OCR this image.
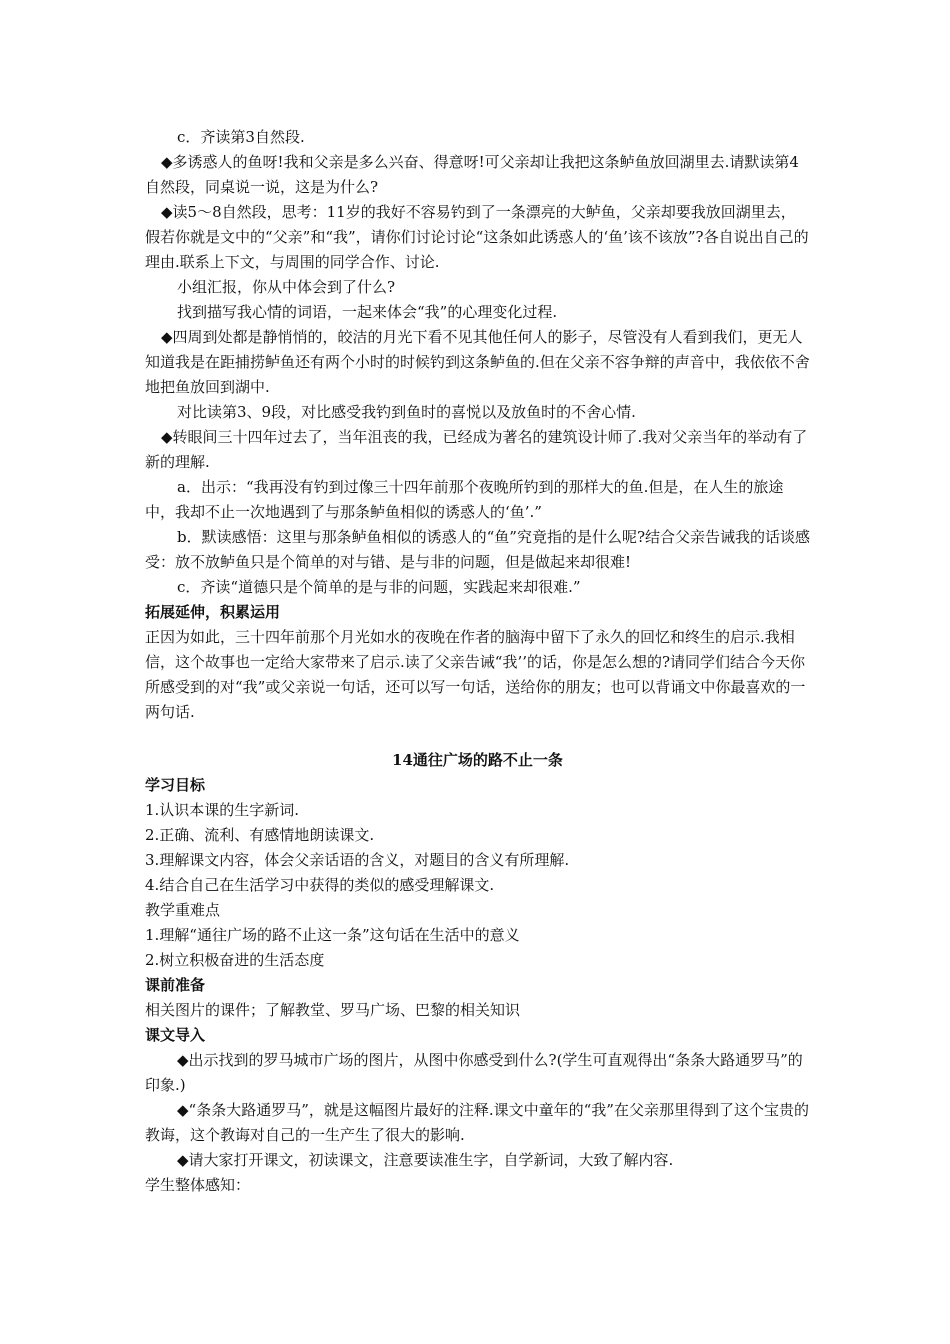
c．齐读第3自然段.

◆多诱惑人的鱼呀!我和父亲是多么兴奋、得意呀!可父亲却让我把这条鲈鱼放回湖里去.请默读第4自然段，同桌说一说，这是为什么?

◆读5～8自然段，思考：11岁的我好不容易钓到了一条漂亮的大鲈鱼，父亲却要我放回湖里去，假若你就是文中的“父亲”和“我”，请你们讨论讨论“这条如此诱惑人的‘鱼’该不该放”?各自说出自己的理由.联系上下文，与周围的同学合作、讨论.

小组汇报，你从中体会到了什么?

找到描写我心情的词语，一起来体会“我”的心理变化过程.

◆四周到处都是静悄悄的，皎洁的月光下看不见其他任何人的影子，尽管没有人看到我们，更无人知道我是在距捕捞鲈鱼还有两个小时的时候钓到这条鲈鱼的.但在父亲不容争辩的声音中，我依依不舍地把鱼放回到湖中.

对比读第3、9段，对比感受我钓到鱼时的喜悦以及放鱼时的不舍心情.

◆转眼间三十四年过去了，当年沮丧的我，已经成为著名的建筑设计师了.我对父亲当年的举动有了新的理解.

a．出示：“我再没有钓到过像三十四年前那个夜晚所钓到的那样大的鱼.但是，在人生的旅途中，我却不止一次地遇到了与那条鲈鱼相似的诱惑人的‘鱼’.”

b．默读感悟：这里与那条鲈鱼相似的诱惑人的“鱼”究竟指的是什么呢?结合父亲告诫我的话谈感受：放不放鲈鱼只是个简单的对与错、是与非的问题，但是做起来却很难!

c．齐读“道德只是个简单的是与非的问题，实践起来却很难.”

拓展延伸，积累运用

正因为如此，三十四年前那个月光如水的夜晚在作者的脑海中留下了永久的回忆和终生的启示.我相信，这个故事也一定给大家带来了启示.读了父亲告诫“我’’的话，你是怎么想的?请同学们结合今天你所感受到的对“我”或父亲说一句话，还可以写一句话，送给你的朋友；也可以背诵文中你最喜欢的一两句话.

14通往广场的路不止一条

学习目标

1.认识本课的生字新词.

2.正确、流利、有感情地朗读课文.

3.理解课文内容，体会父亲话语的含义，对题目的含义有所理解.

4.结合自己在生活学习中获得的类似的感受理解课文.

教学重难点

1.理解“通往广场的路不止这一条”这句话在生活中的意义

2.树立积极奋进的生活态度

课前准备

相关图片的课件；了解教堂、罗马广场、巴黎的相关知识

课文导入

◆出示找到的罗马城市广场的图片，从图中你感受到什么?(学生可直观得出“条条大路通罗马”的印象.)

◆“条条大路通罗马”，就是这幅图片最好的注释.课文中童年的“我”在父亲那里得到了这个宝贵的教诲，这个教诲对自己的一生产生了很大的影响.

◆请大家打开课文，初读课文，注意要读准生字，自学新词，大致了解内容.

学生整体感知：
